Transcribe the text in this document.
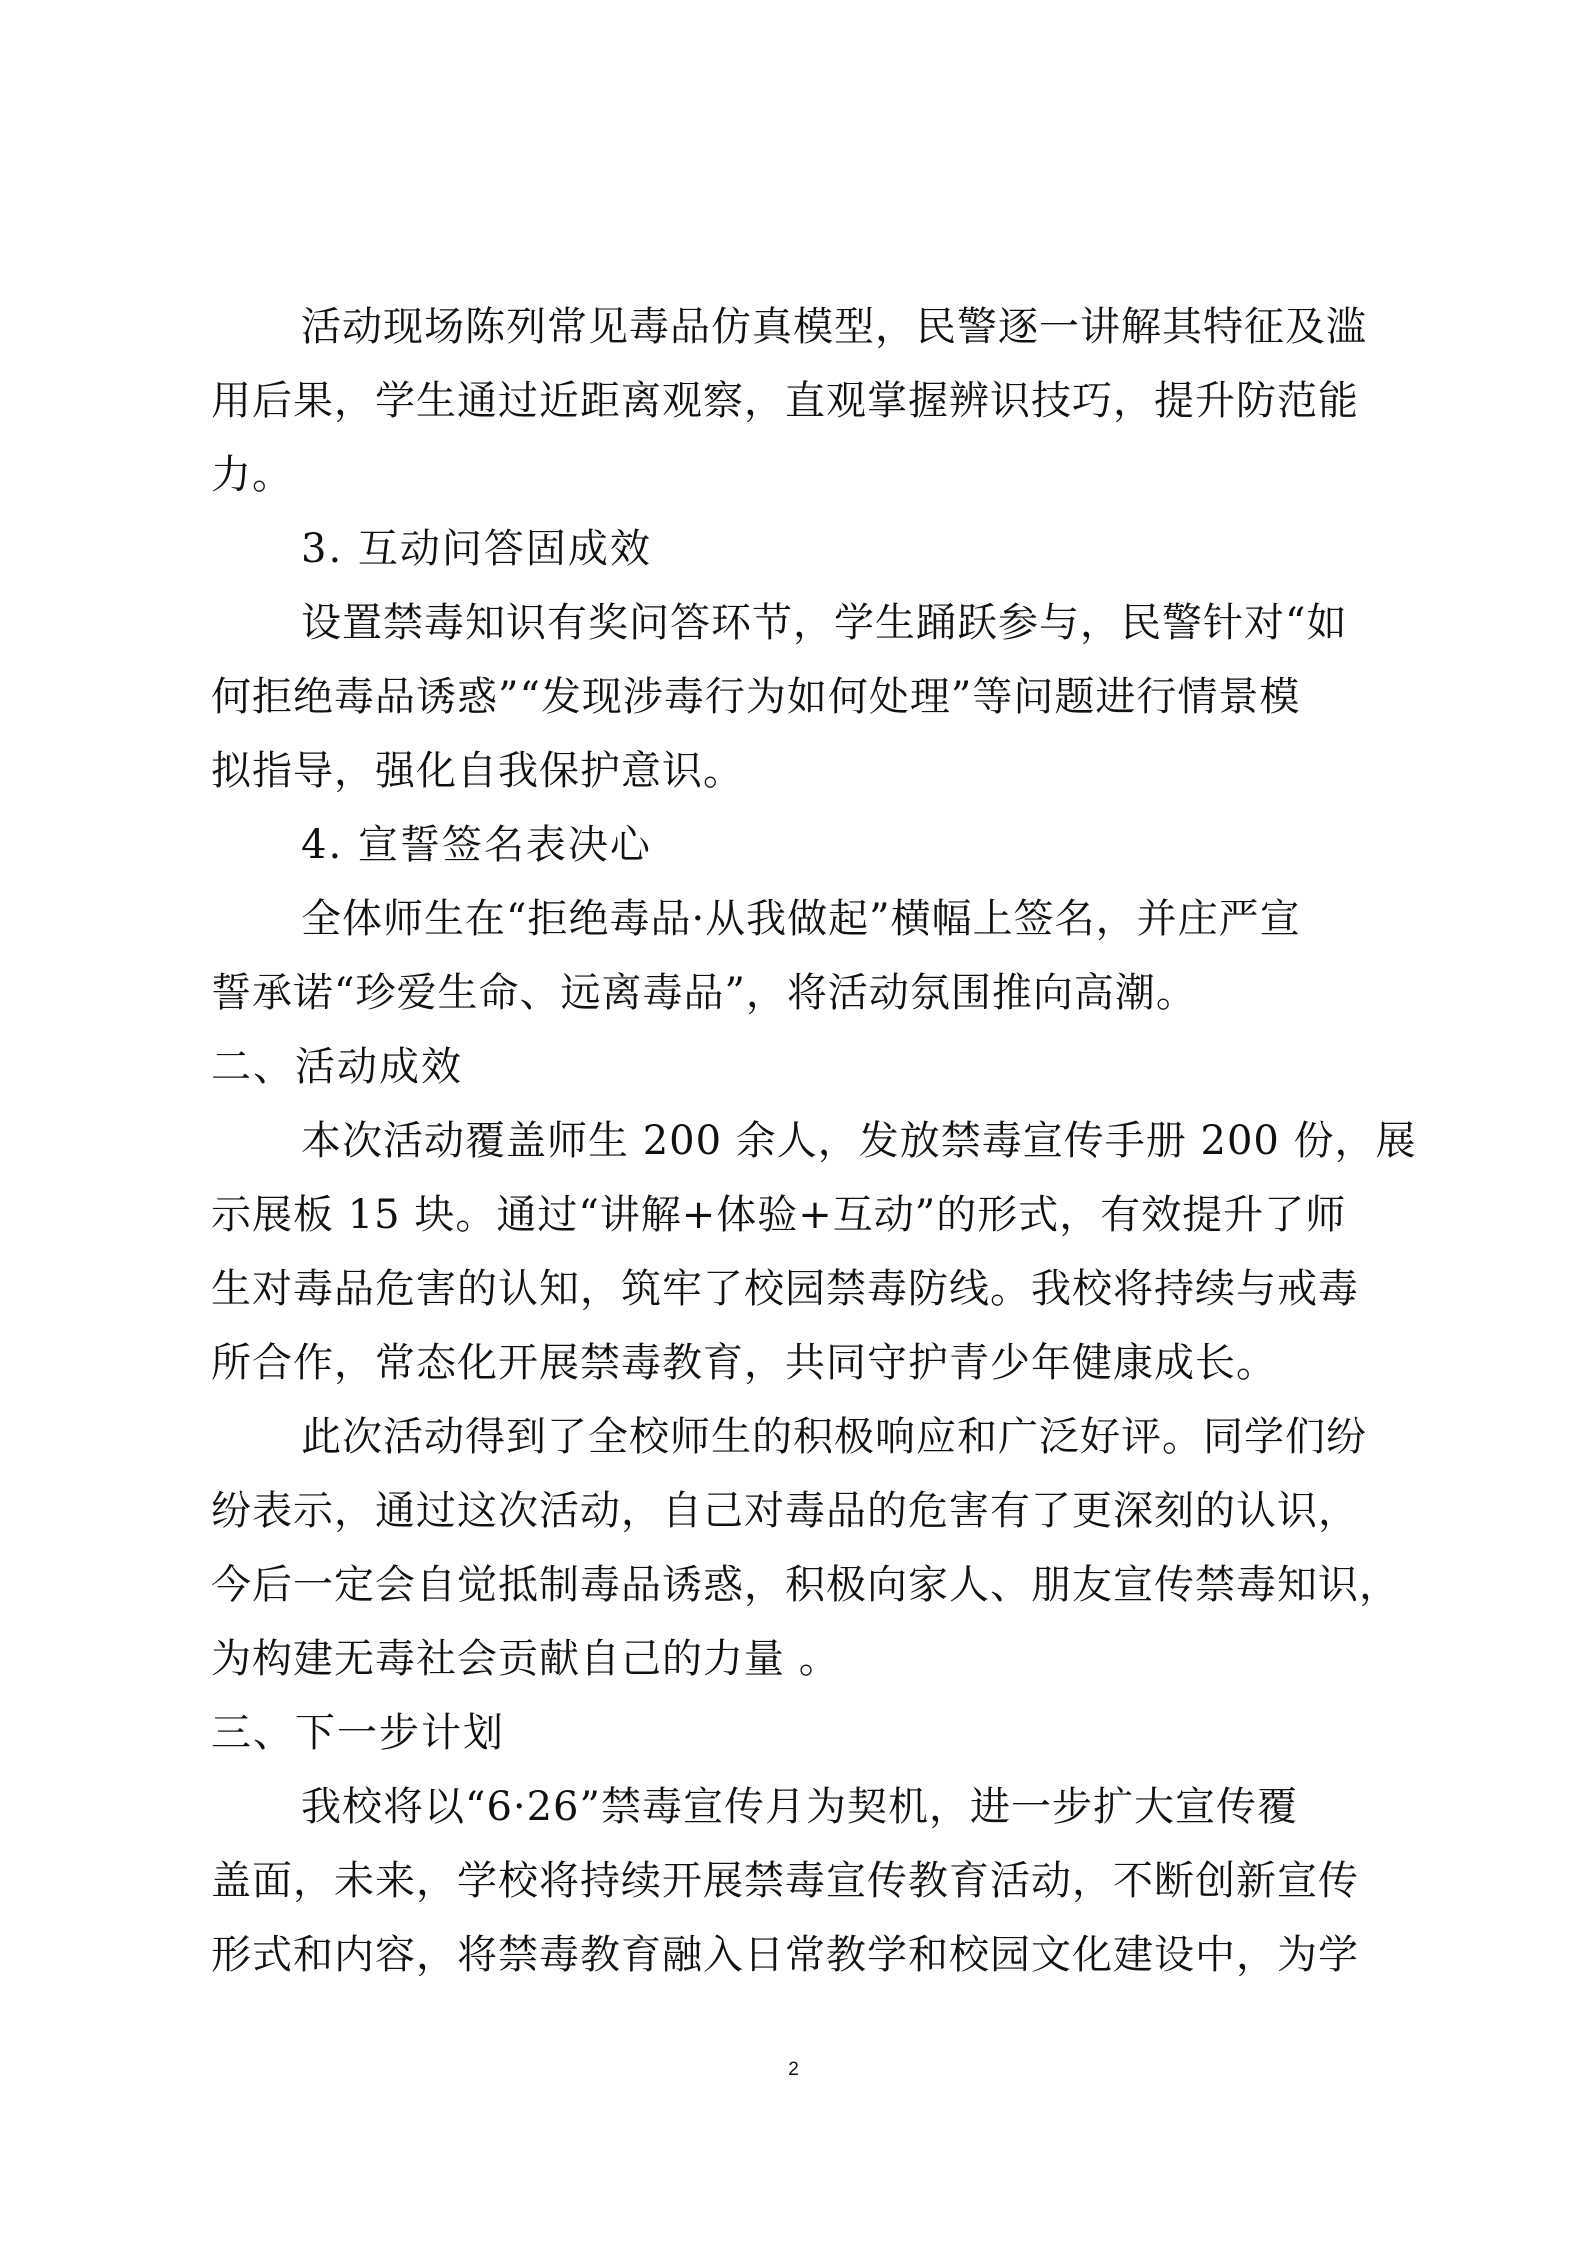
活动现场陈列常见毒品仿真模型，民警逐一讲解其特征及滥
用后果，学生通过近距离观察，直观掌握辨识技巧，提升防范能
力。
3. 互动问答固成效
设置禁毒知识有奖问答环节，学生踊跃参与，民警针对“如
何拒绝毒品诱惑”“发现涉毒行为如何处理”等问题进行情景模
拟指导，强化自我保护意识。
4. 宣誓签名表决心
全体师生在“拒绝毒品·从我做起”横幅上签名，并庄严宣
誓承诺“珍爱生命、远离毒品”，将活动氛围推向高潮。
二、活动成效
本次活动覆盖师生 200 余人，发放禁毒宣传手册 200 份，展
示展板 15 块。通过“讲解+体验+互动”的形式，有效提升了师
生对毒品危害的认知，筑牢了校园禁毒防线。我校将持续与戒毒
所合作，常态化开展禁毒教育，共同守护青少年健康成长。
此次活动得到了全校师生的积极响应和广泛好评。同学们纷
纷表示，通过这次活动，自己对毒品的危害有了更深刻的认识，
今后一定会自觉抵制毒品诱惑，积极向家人、朋友宣传禁毒知识，
为构建无毒社会贡献自己的力量 。
三、下一步计划
我校将以“6·26”禁毒宣传月为契机，进一步扩大宣传覆
盖面，未来，学校将持续开展禁毒宣传教育活动，不断创新宣传
形式和内容，将禁毒教育融入日常教学和校园文化建设中，为学
2
